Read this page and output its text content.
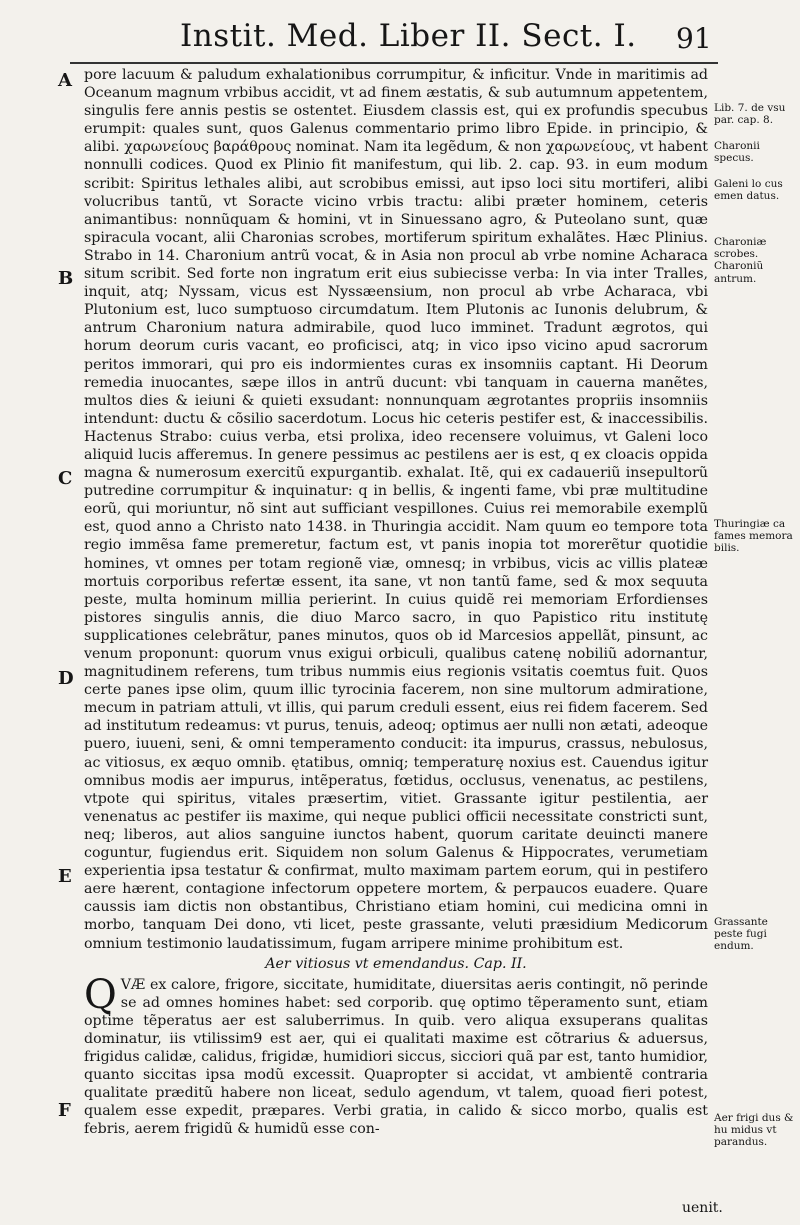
Instit. Med. Liber II. Sect. I. 91
A
B
C
D
E
F
Lib. 7. de vsu par. cap. 8.
Charonii specus.
Galeni lo cus emen datus.
Charoniæ scrobes. Charoniũ antrum.
Thuringiæ ca fames memora bilis.
Grassante peste fugi endum.
Aer frigi dus & hu midus vt parandus.

pore lacuum & paludum exhalationibus corrumpitur, & inficitur. Vnde in maritimis ad Oceanum magnum vrbibus accidit, vt ad finem æstatis, & sub autumnum appetentem, singulis fere annis pestis se ostentet. Eiusdem classis est, qui ex profundis specubus erumpit: quales sunt, quos Galenus commentario primo libro Epide. in principio, & alibi. χαρωνείους βαράθρους nominat. Nam ita legẽdum, & non χαρωνείους, vt habent nonnulli codices. Quod ex Plinio fit manifestum, qui lib. 2. cap. 93. in eum modum scribit: Spiritus lethales alibi, aut scrobibus emissi, aut ipso loci situ mortiferi, alibi volucribus tantũ, vt Soracte vicino vrbis tractu: alibi præter hominem, ceteris animantibus: nonnũquam & homini, vt in Sinuessano agro, & Puteolano sunt, quæ spiracula vocant, alii Charonias scrobes, mortiferum spiritum exhalãtes. Hæc Plinius. Strabo in 14. Charonium antrũ vocat, & in Asia non procul ab vrbe nomine Acharaca situm scribit. Sed forte non ingratum erit eius subiecisse verba: In via inter Tralles, inquit, atq; Nyssam, vicus est Nyssæensium, non procul ab vrbe Acharaca, vbi Plutonium est, luco sumptuoso circumdatum. Item Plutonis ac Iunonis delubrum, & antrum Charonium natura admirabile, quod luco imminet. Tradunt ægrotos, qui horum deorum curis vacant, eo proficisci, atq; in vico ipso vicino apud sacrorum peritos immorari, qui pro eis indormientes curas ex insomniis captant. Hi Deorum remedia inuocantes, sæpe illos in antrũ ducunt: vbi tanquam in cauerna manẽtes, multos dies & ieiuni & quieti exsudant: nonnunquam ægrotantes propriis insomniis intendunt: ductu & cõsilio sacerdotum. Locus hic ceteris pestifer est, & inaccessibilis. Hactenus Strabo: cuius verba, etsi prolixa, ideo recensere voluimus, vt Galeni loco aliquid lucis afferemus. In genere pessimus ac pestilens aer is est, q ex cloacis oppida magna & numerosum exercitũ expurgantib. exhalat. Itẽ, qui ex cadaueriũ insepultorũ putredine corrumpitur & inquinatur: q in bellis, & ingenti fame, vbi præ multitudine eorũ, qui moriuntur, nõ sint aut sufficiant vespillones. Cuius rei memorabile exemplũ est, quod anno a Christo nato 1438. in Thuringia accidit. Nam quum eo tempore tota regio immẽsa fame premeretur, factum est, vt panis inopia tot morerẽtur quotidie homines, vt omnes per totam regionẽ viæ, omnesq; in vrbibus, vicis ac villis plateæ mortuis corporibus refertæ essent, ita sane, vt non tantũ fame, sed & mox sequuta peste, multa hominum millia perierint. In cuius quidẽ rei memoriam Erfordienses pistores singulis annis, die diuo Marco sacro, in quo Papistico ritu institutę supplicationes celebrãtur, panes minutos, quos ob id Marcesios appellãt, pinsunt, ac venum proponunt: quorum vnus exigui orbiculi, qualibus catenę nobiliũ adornantur, magnitudinem referens, tum tribus nummis eius regionis vsitatis coemtus fuit. Quos certe panes ipse olim, quum illic tyrocinia facerem, non sine multorum admiratione, mecum in patriam attuli, vt illis, qui parum creduli essent, eius rei fidem facerem. Sed ad institutum redeamus: vt purus, tenuis, adeoq; optimus aer nulli non ætati, adeoque puero, iuueni, seni, & omni temperamento conducit: ita impurus, crassus, nebulosus, ac vitiosus, ex æquo omnib. ętatibus, omniq; temperaturę noxius est. Cauendus igitur omnibus modis aer impurus, intẽperatus, fœtidus, occlusus, venenatus, ac pestilens, vtpote qui spiritus, vitales præsertim, vitiet. Grassante igitur pestilentia, aer venenatus ac pestifer iis maxime, qui neque publici officii necessitate constricti sunt, neq; liberos, aut alios sanguine iunctos habent, quorum caritate deuincti manere coguntur, fugiendus erit. Siquidem non solum Galenus & Hippocrates, verumetiam experientia ipsa testatur & confirmat, multo maximam partem eorum, qui in pestifero aere hærent, contagione infectorum oppetere mortem, & perpaucos euadere. Quare caussis iam dictis non obstantibus, Christiano etiam homini, cui medicina omni in morbo, tanquam Dei dono, vti licet, peste grassante, veluti præsidium Medicorum omnium testimonio laudatissimum, fugam arripere minime prohibitum est.

Aer vitiosus vt emendandus. Cap. II.

QVÆ ex calore, frigore, siccitate, humiditate, diuersitas aeris contingit, nõ perinde se ad omnes homines habet: sed corporib. quę optimo tẽperamento sunt, etiam optime tẽperatus aer est saluberrimus. In quib. vero aliqua exsuperans qualitas dominatur, iis vtilissim9 est aer, qui ei qualitati maxime est cõtrarius & aduersus, frigidus calidæ, calidus, frigidæ, humidiori siccus, sicciori quã par est, tanto humidior, quanto siccitas ipsa modũ excessit. Quapropter si accidat, vt ambientẽ contraria qualitate præditũ habere non liceat, sedulo agendum, vt talem, quoad fieri potest, qualem esse expedit, præpares. Verbi gratia, in calido & sicco morbo, qualis est febris, aerem frigidũ & humidũ esse con-

uenit.
